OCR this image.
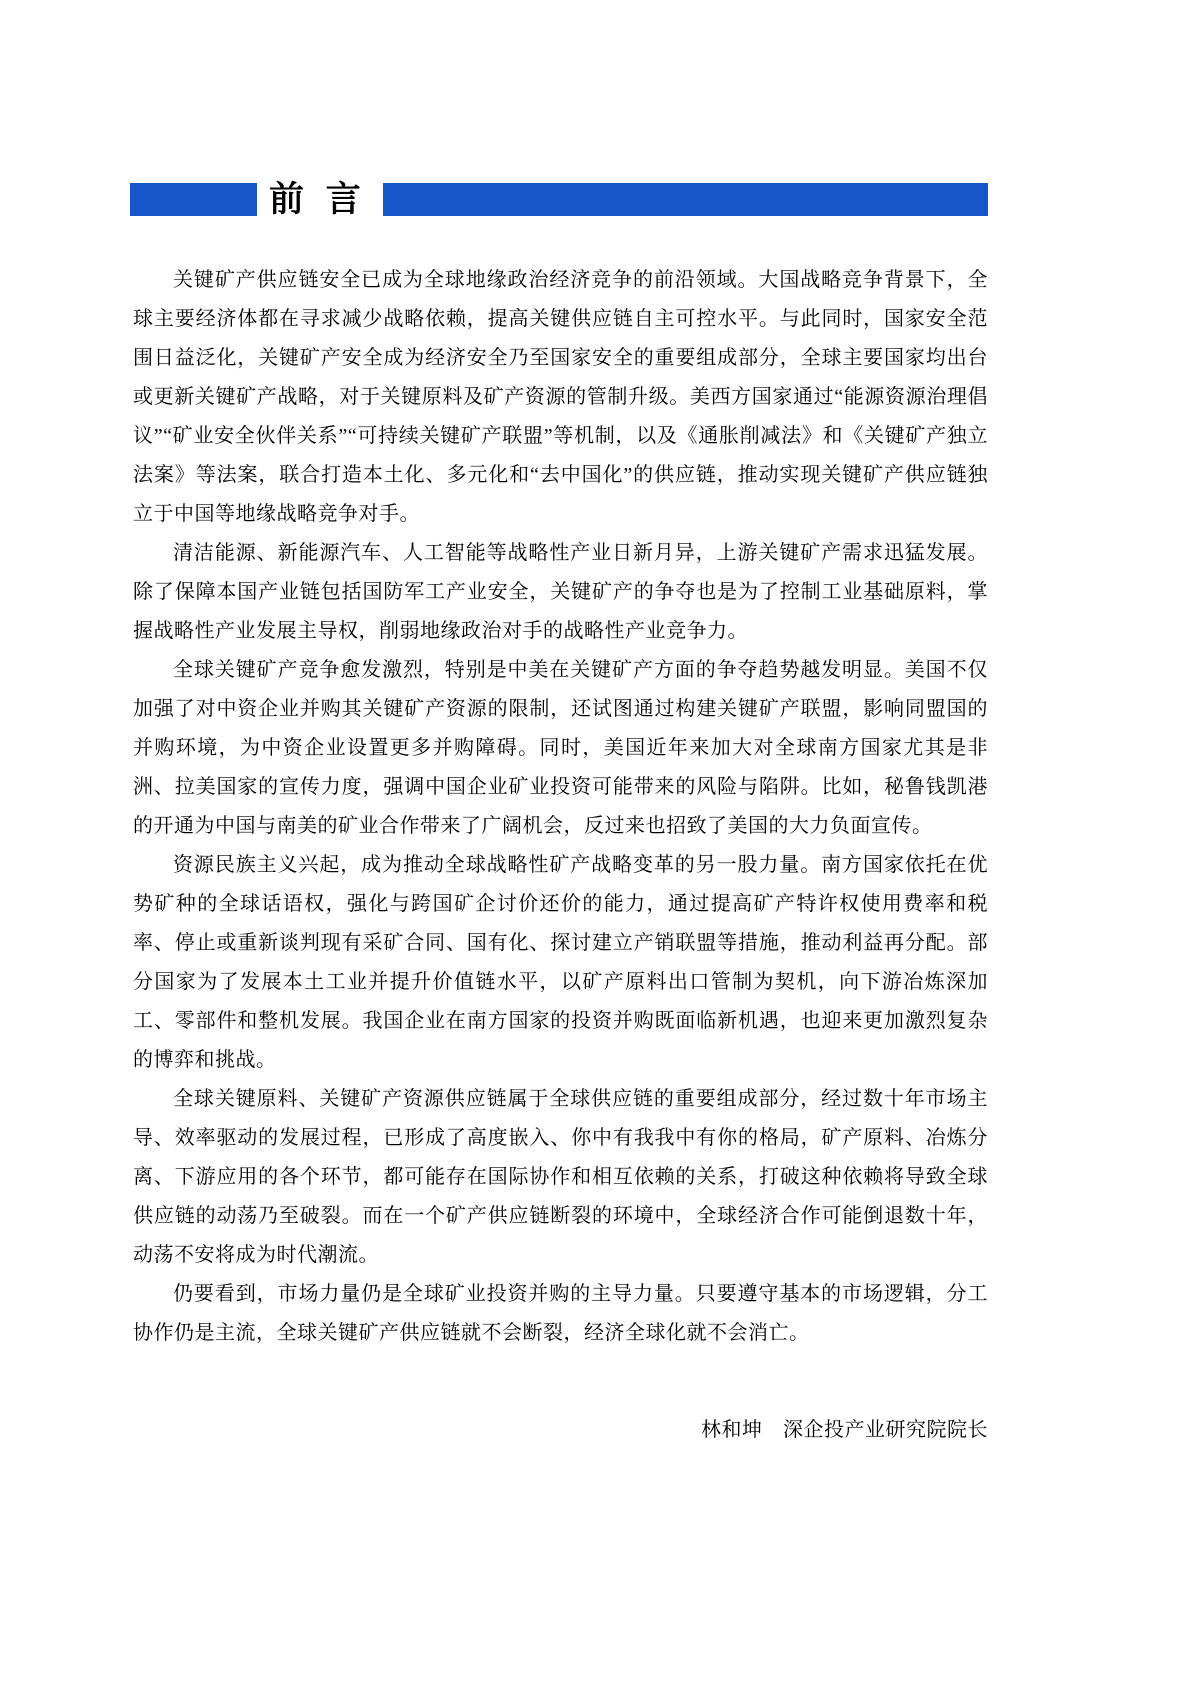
前 言

关键矿产供应链安全已成为全球地缘政治经济竞争的前沿领域。大国战略竞争背景下，全球主要经济体都在寻求减少战略依赖，提高关键供应链自主可控水平。与此同时，国家安全范围日益泛化，关键矿产安全成为经济安全乃至国家安全的重要组成部分，全球主要国家均出台或更新关键矿产战略，对于关键原料及矿产资源的管制升级。美西方国家通过“能源资源治理倡议”“矿业安全伙伴关系”“可持续关键矿产联盟”等机制，以及《通胀削减法》和《关键矿产独立法案》等法案，联合打造本土化、多元化和“去中国化”的供应链，推动实现关键矿产供应链独立于中国等地缘战略竞争对手。

清洁能源、新能源汽车、人工智能等战略性产业日新月异，上游关键矿产需求迅猛发展。除了保障本国产业链包括国防军工产业安全，关键矿产的争夺也是为了控制工业基础原料，掌握战略性产业发展主导权，削弱地缘政治对手的战略性产业竞争力。

全球关键矿产竞争愈发激烈，特别是中美在关键矿产方面的争夺趋势越发明显。美国不仅加强了对中资企业并购其关键矿产资源的限制，还试图通过构建关键矿产联盟，影响同盟国的并购环境，为中资企业设置更多并购障碍。同时，美国近年来加大对全球南方国家尤其是非洲、拉美国家的宣传力度，强调中国企业矿业投资可能带来的风险与陷阱。比如，秘鲁钱凯港的开通为中国与南美的矿业合作带来了广阔机会，反过来也招致了美国的大力负面宣传。

资源民族主义兴起，成为推动全球战略性矿产战略变革的另一股力量。南方国家依托在优势矿种的全球话语权，强化与跨国矿企讨价还价的能力，通过提高矿产特许权使用费率和税率、停止或重新谈判现有采矿合同、国有化、探讨建立产销联盟等措施，推动利益再分配。部分国家为了发展本土工业并提升价值链水平，以矿产原料出口管制为契机，向下游冶炼深加工、零部件和整机发展。我国企业在南方国家的投资并购既面临新机遇，也迎来更加激烈复杂的博弈和挑战。

全球关键原料、关键矿产资源供应链属于全球供应链的重要组成部分，经过数十年市场主导、效率驱动的发展过程，已形成了高度嵌入、你中有我我中有你的格局，矿产原料、冶炼分离、下游应用的各个环节，都可能存在国际协作和相互依赖的关系，打破这种依赖将导致全球供应链的动荡乃至破裂。而在一个矿产供应链断裂的环境中，全球经济合作可能倒退数十年，动荡不安将成为时代潮流。

仍要看到，市场力量仍是全球矿业投资并购的主导力量。只要遵守基本的市场逻辑，分工协作仍是主流，全球关键矿产供应链就不会断裂，经济全球化就不会消亡。

林和坤　深企投产业研究院院长
